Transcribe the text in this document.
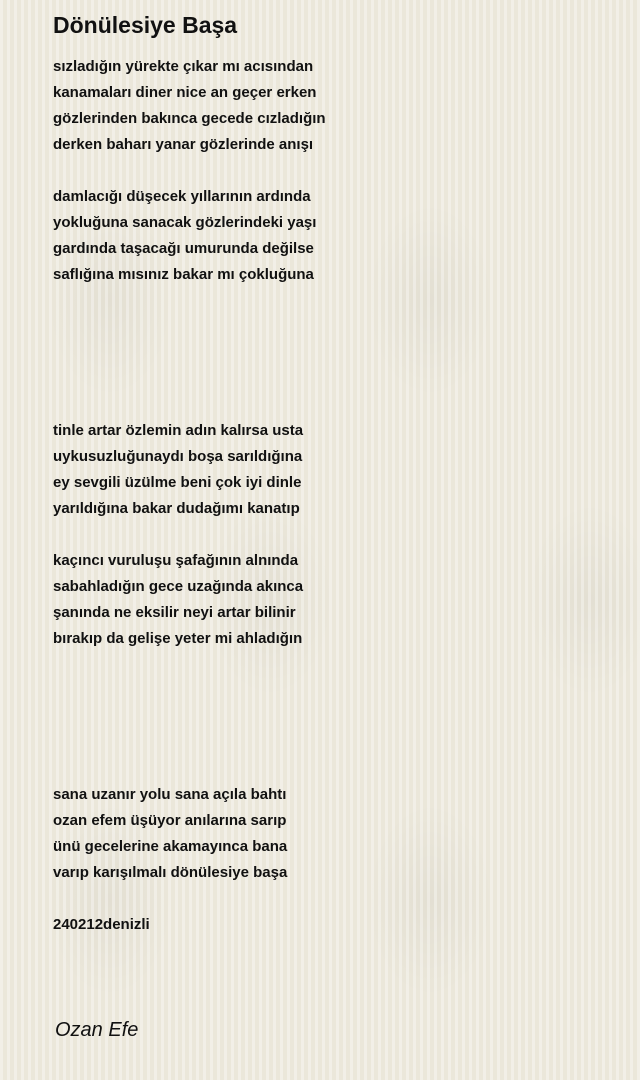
Dönülesiye Başa
sızladığın yürekte çıkar mı acısından
kanamaları diner nice an geçer erken
gözlerinden bakınca gecede cızladığın
derken baharı yanar gözlerinde anışı
damlacığı düşecek yıllarının ardında
yokluğuna sanacak gözlerindeki yaşı
gardında taşacağı umurunda değilse
saflığına mısınız bakar mı çokluğuna
tinle artar özlemin adın kalırsa usta
uykusuzluğunaydı boşa sarıldığına
ey sevgili üzülme beni çok iyi dinle
yarıldığına bakar dudağımı kanatıp
kaçıncı vuruluşu şafağının alnında
sabahladığın gece uzağında akınca
şanında ne eksilir neyi artar bilinir
bırakıp da gelişe yeter mi ahladığın
sana uzanır yolu sana açıla bahtı
ozan efem üşüyor anılarına sarıp
ünü gecelerine akamayınca bana
varıp karışılmalı dönülesiye başa
240212denizli
Ozan Efe
